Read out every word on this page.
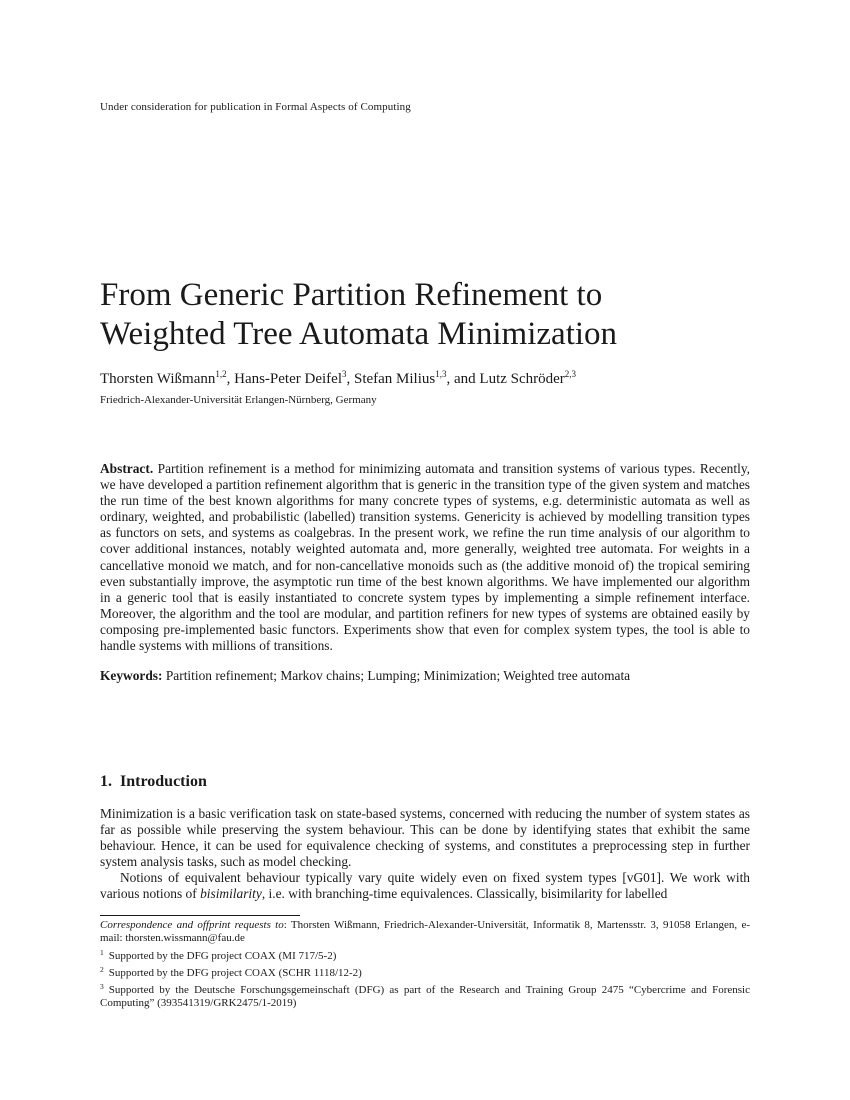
Under consideration for publication in Formal Aspects of Computing
From Generic Partition Refinement to
Weighted Tree Automata Minimization
Thorsten Wißmann$^{1,2}$, Hans-Peter Deifel$^3$, Stefan Milius$^{1,3}$, and Lutz Schröder$^{2,3}$
Friedrich-Alexander-Universität Erlangen-Nürnberg, Germany

Abstract. Partition refinement is a method for minimizing automata and transition systems of various types. Recently, we have developed a partition refinement algorithm that is generic in the transition type of the given system and matches the run time of the best known algorithms for many concrete types of systems, e.g. deterministic automata as well as ordinary, weighted, and probabilistic (labelled) transition systems. Genericity is achieved by modelling transition types as functors on sets, and systems as coalgebras. In the present work, we refine the run time analysis of our algorithm to cover additional instances, notably weighted automata and, more generally, weighted tree automata. For weights in a cancellative monoid we match, and for non-cancellative monoids such as (the additive monoid of) the tropical semiring even substantially improve, the asymptotic run time of the best known algorithms. We have implemented our algorithm in a generic tool that is easily instantiated to concrete system types by implementing a simple refinement interface. Moreover, the algorithm and the tool are modular, and partition refiners for new types of systems are obtained easily by composing pre-implemented basic functors. Experiments show that even for complex system types, the tool is able to handle systems with millions of transitions.

Keywords: Partition refinement; Markov chains; Lumping; Minimization; Weighted tree automata

1. Introduction

Minimization is a basic verification task on state-based systems, concerned with reducing the number of system states as far as possible while preserving the system behaviour. This can be done by identifying states that exhibit the same behaviour. Hence, it can be used for equivalence checking of systems, and constitutes a preprocessing step in further system analysis tasks, such as model checking.

Notions of equivalent behaviour typically vary quite widely even on fixed system types [vG01]. We work with various notions of bisimilarity, i.e. with branching-time equivalences. Classically, bisimilarity for labelled

Correspondence and offprint requests to: Thorsten Wißmann, Friedrich-Alexander-Universität, Informatik 8, Martensstr. 3, 91058 Erlangen, e-mail: thorsten.wissmann@fau.de

$^1$ Supported by the DFG project COAX (MI 717/5-2)

$^2$ Supported by the DFG project COAX (SCHR 1118/12-2)

$^3$ Supported by the Deutsche Forschungsgemeinschaft (DFG) as part of the Research and Training Group 2475 “Cybercrime and Forensic Computing” (393541319/GRK2475/1-2019)
